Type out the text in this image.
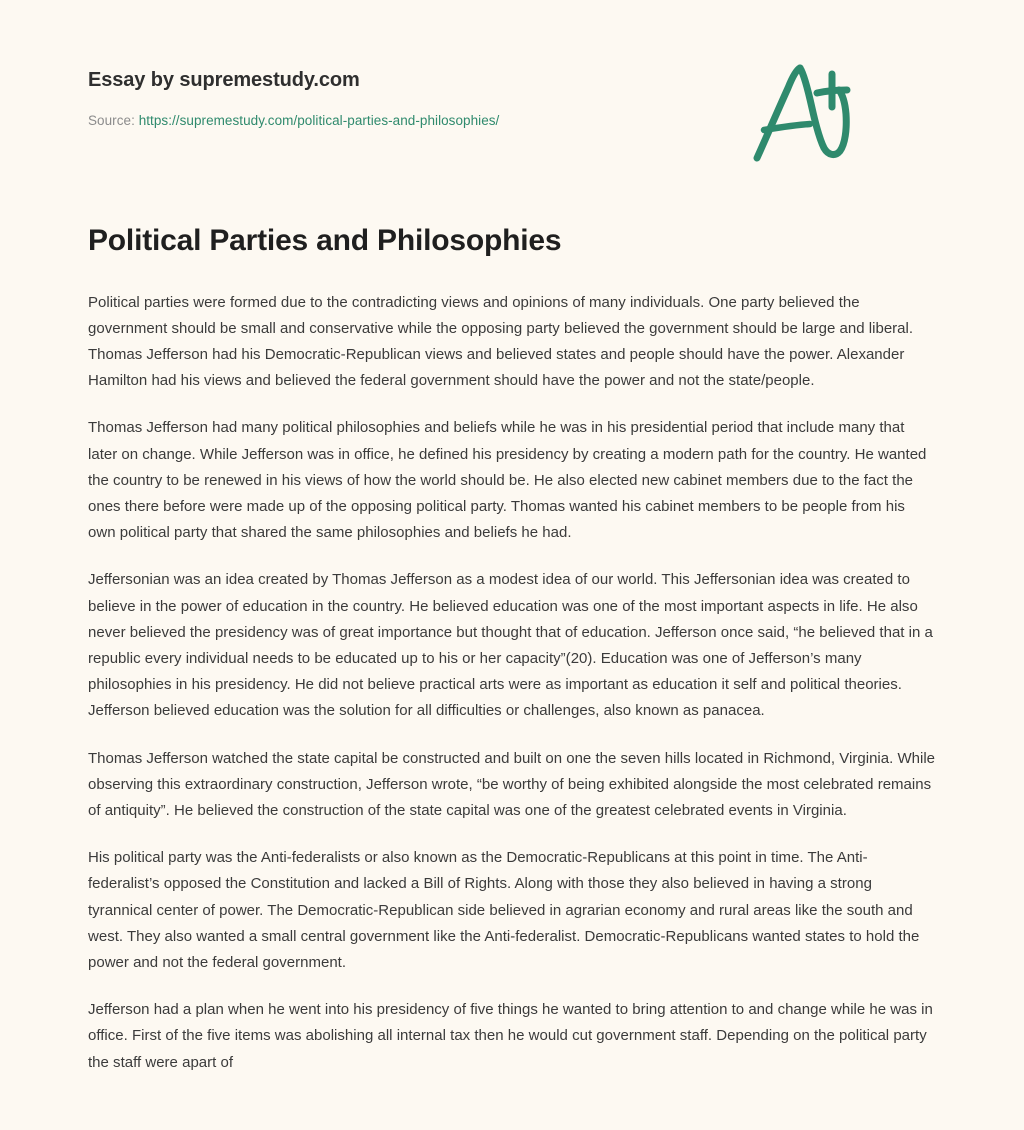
Essay by supremestudy.com
Source: https://supremestudy.com/political-parties-and-philosophies/
Political Parties and Philosophies

Political parties were formed due to the contradicting views and opinions of many individuals. One party believed the government should be small and conservative while the opposing party believed the government should be large and liberal. Thomas Jefferson had his Democratic-Republican views and believed states and people should have the power. Alexander Hamilton had his views and believed the federal government should have the power and not the state/people.

Thomas Jefferson had many political philosophies and beliefs while he was in his presidential period that include many that later on change. While Jefferson was in office, he defined his presidency by creating a modern path for the country. He wanted the country to be renewed in his views of how the world should be. He also elected new cabinet members due to the fact the ones there before were made up of the opposing political party. Thomas wanted his cabinet members to be people from his own political party that shared the same philosophies and beliefs he had.

Jeffersonian was an idea created by Thomas Jefferson as a modest idea of our world. This Jeffersonian idea was created to believe in the power of education in the country. He believed education was one of the most important aspects in life. He also never believed the presidency was of great importance but thought that of education. Jefferson once said, “he believed that in a republic every individual needs to be educated up to his or her capacity”(20). Education was one of Jefferson’s many philosophies in his presidency. He did not believe practical arts were as important as education it self and political theories. Jefferson believed education was the solution for all difficulties or challenges, also known as panacea.

Thomas Jefferson watched the state capital be constructed and built on one the seven hills located in Richmond, Virginia. While observing this extraordinary construction, Jefferson wrote, “be worthy of being exhibited alongside the most celebrated remains of antiquity”. He believed the construction of the state capital was one of the greatest celebrated events in Virginia.

His political party was the Anti-federalists or also known as the Democratic-Republicans at this point in time. The Anti-federalist’s opposed the Constitution and lacked a Bill of Rights. Along with those they also believed in having a strong tyrannical center of power. The Democratic-Republican side believed in agrarian economy and rural areas like the south and west. They also wanted a small central government like the Anti-federalist. Democratic-Republicans wanted states to hold the power and not the federal government.

Jefferson had a plan when he went into his presidency of five things he wanted to bring attention to and change while he was in office. First of the five items was abolishing all internal tax then he would cut government staff. Depending on the political party the staff were apart of
